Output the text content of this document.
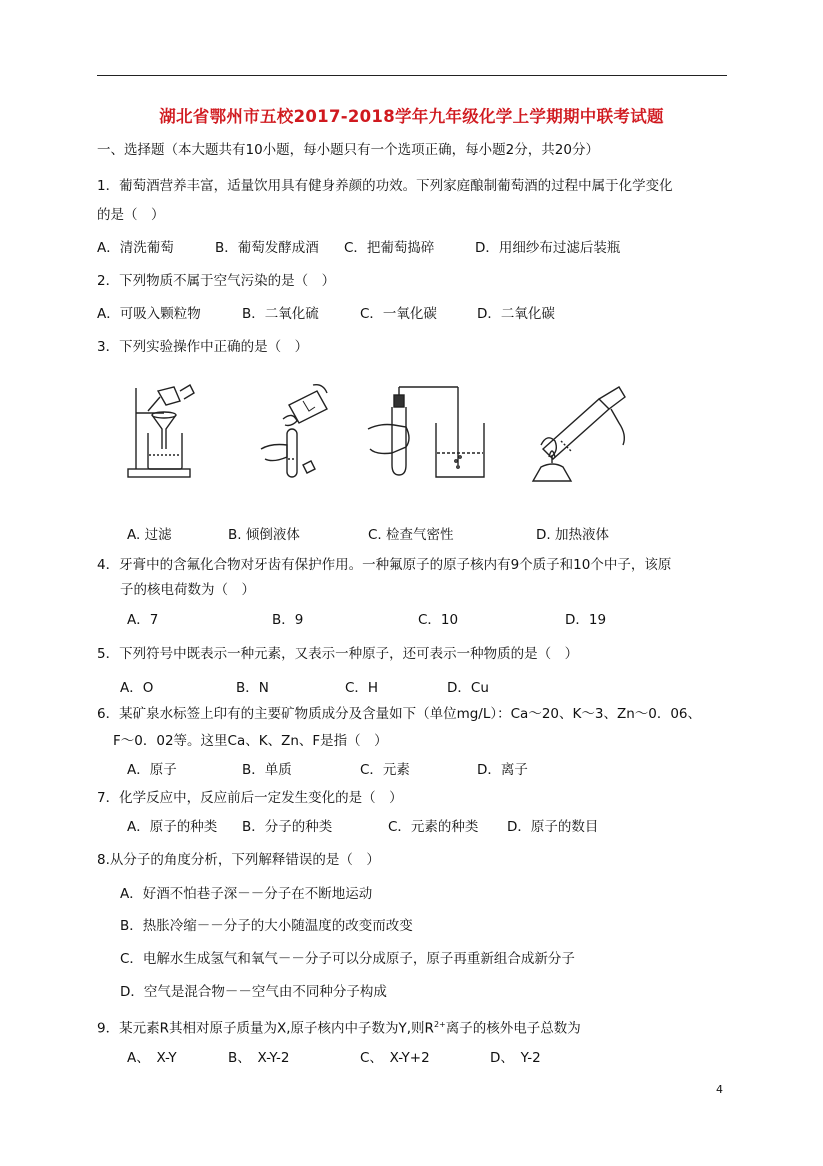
湖北省鄂州市五校2017-2018学年九年级化学上学期期中联考试题
一、选择题（本大题共有10小题，每小题只有一个选项正确，每小题2分，共20分）
1．葡萄酒营养丰富，适量饮用具有健身养颜的功效。下列家庭酿制葡萄酒的过程中属于化学变化
的是（　）
A．清洗葡萄	B．葡萄发酵成酒 C．把葡萄捣碎	D．用细纱布过滤后装瓶
2．下列物质不属于空气污染的是（　）
A．可吸入颗粒物	B．二氧化硫	C．一氧化碳	D．二氧化碳
3．下列实验操作中正确的是（　）
A. 过滤	B. 倾倒液体	C. 检查气密性	D. 加热液体
4．牙膏中的含氟化合物对牙齿有保护作用。一种氟原子的原子核内有9个质子和10个中子，该原
子的核电荷数为（　）
A．7	B．9	C．10	D．19
5．下列符号中既表示一种元素，又表示一种原子，还可表示一种物质的是（　）
A．O	B．N	C．H	D．Cu
6．某矿泉水标签上印有的主要矿物质成分及含量如下（单位mg/L）：Ca～20、K～3、Zn～0．06、
F～0．02等。这里Ca、K、Zn、F是指（　）
A．原子	B．单质	C．元素	D．离子
7．化学反应中，反应前后一定发生变化的是（　）
A．原子的种类 B．分子的种类	C．元素的种类 D．原子的数目
8.从分子的角度分析，下列解释错误的是（　）
A．好酒不怕巷子深－－分子在不断地运动
B．热胀冷缩－－分子的大小随温度的改变而改变
C．电解水生成氢气和氧气－－分子可以分成原子，原子再重新组合成新分子
D．空气是混合物－－空气由不同种分子构成
9．某元素R其相对原子质量为X,原子核内中子数为Y,则$R^{2+}$离子的核外电子总数为
A、　X-Y	B、　X-Y-2	C、　X-Y+2	D、　Y-2
4
